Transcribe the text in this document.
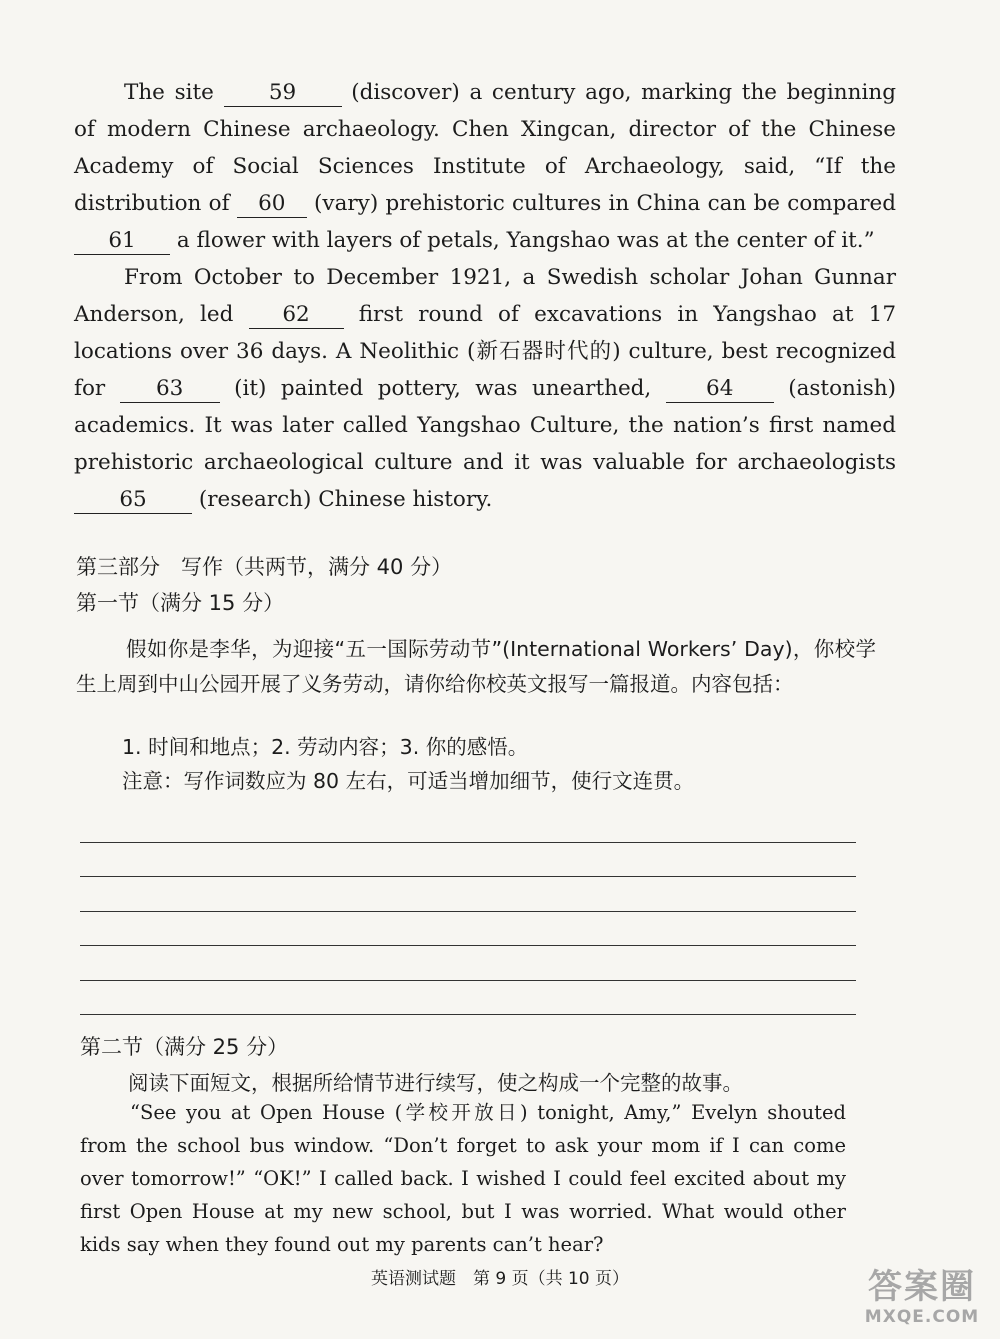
The site	59	(discover) a century ago, marking the beginning of modern Chinese archaeology. Chen Xingcan, director of the Chinese Academy of Social Sciences Institute of Archaeology, said, “If the distribution of 60 (vary) prehistoric cultures in China can be compared 61 a flower with layers of petals, Yangshao was at the center of it.”

From October to December 1921, a Swedish scholar Johan Gunnar Anderson, led 62 first round of excavations in Yangshao at 17 locations over 36 days. A Neolithic (新石器时代的) culture, best recognized for 63 (it) painted pottery, was unearthed,	64	(astonish) academics. It was later called Yangshao Culture, the nation’s first named prehistoric archaeological culture and it was valuable for archaeologists 65 (research) Chinese history.

第三部分　写作（共两节，满分 40 分）
第一节（满分 15 分）

假如你是李华，为迎接“五一国际劳动节”(International Workers’ Day)，你校学生上周到中山公园开展了义务劳动，请你给你校英文报写一篇报道。内容包括：

1. 时间和地点；2. 劳动内容；3. 你的感悟。
注意：写作词数应为 80 左右，可适当增加细节，使行文连贯。
第二节（满分 25 分）
阅读下面短文，根据所给情节进行续写，使之构成一个完整的故事。

“See you at Open House (学校开放日) tonight, Amy,” Evelyn shouted from the school bus window. “Don’t forget to ask your mom if I can come over tomorrow!” “OK!” I called back. I wished I could feel excited about my first Open House at my new school, but I was worried. What would other kids say when they found out my parents can’t hear?

英语测试题　第 9 页（共 10 页）	答案圈
MXQE.COM
